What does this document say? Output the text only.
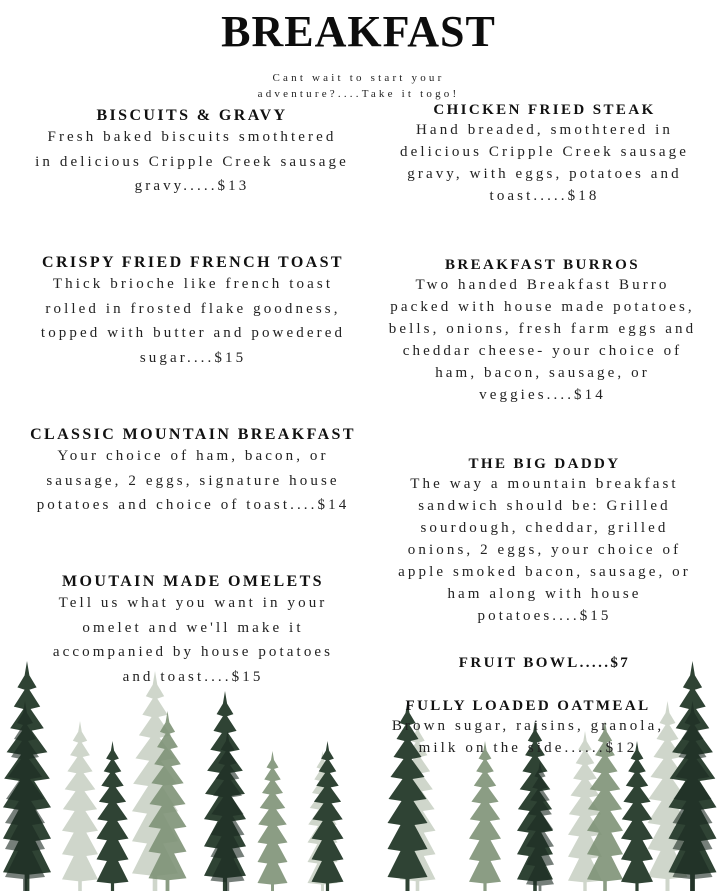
BREAKFAST
Cant wait to start your
adventure?....Take it togo!
BISCUITS & GRAVY
Fresh baked biscuits smothtered
in delicious Cripple Creek sausage
gravy.....$13
CRISPY FRIED FRENCH TOAST
Thick brioche like french toast
rolled in frosted flake goodness,
topped with butter and powedered
sugar....$15
CLASSIC MOUNTAIN BREAKFAST
Your choice of ham, bacon, or
sausage, 2 eggs, signature house
potatoes and choice of toast....$14
MOUTAIN MADE OMELETS
Tell us what you want in your
omelet and we'll make it
accompanied by house potatoes
and toast....$15
CHICKEN FRIED STEAK
Hand breaded, smothtered in
delicious Cripple Creek sausage
gravy, with eggs, potatoes and
toast.....$18
BREAKFAST BURROS
Two handed Breakfast Burro
packed with house made potatoes,
bells, onions, fresh farm eggs and
cheddar cheese- your choice of
ham, bacon, sausage, or
veggies....$14
THE BIG DADDY
The way a mountain breakfast
sandwich should be: Grilled
sourdough, cheddar, grilled
onions, 2 eggs, your choice of
apple smoked bacon, sausage, or
ham along with house
potatoes....$15
FRUIT BOWL.....$7
FULLY LOADED OATMEAL
Brown sugar, raisins, granola,
milk on the side......$12
